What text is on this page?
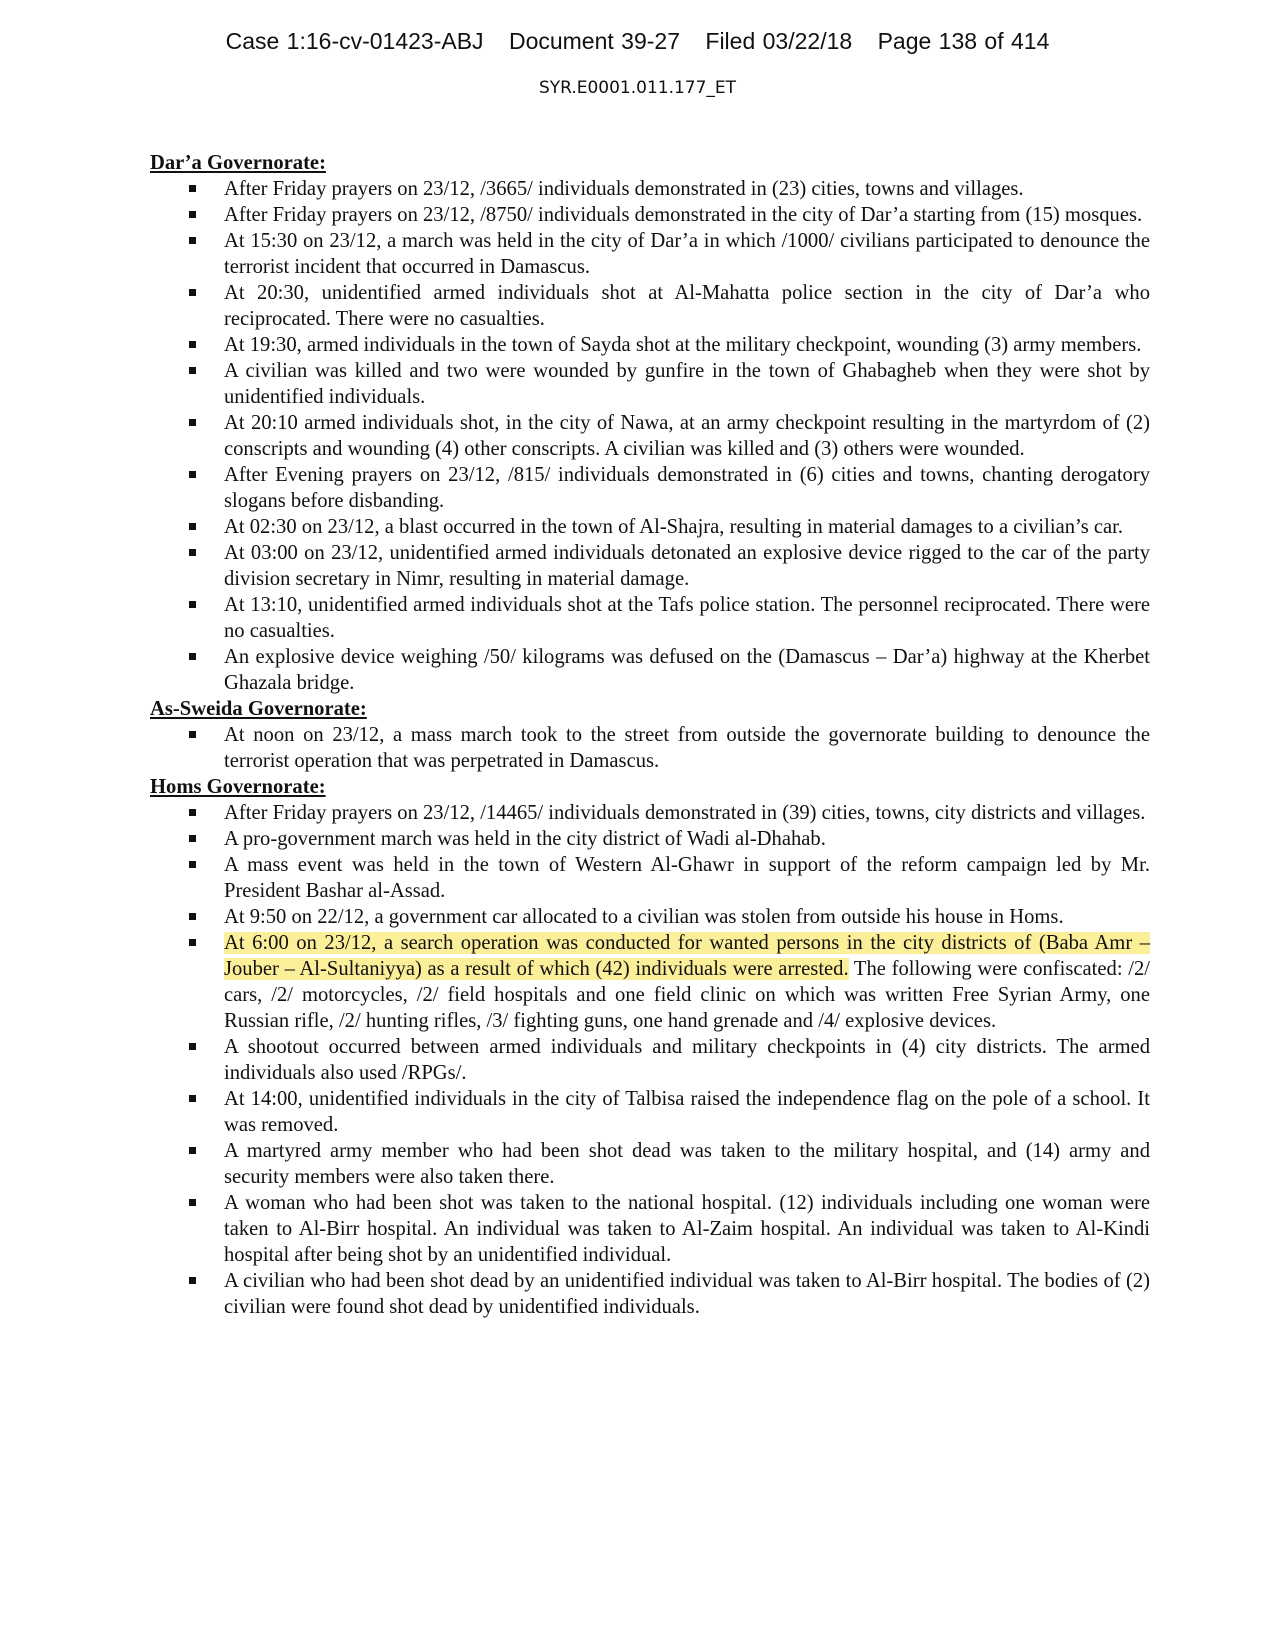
Case 1:16-cv-01423-ABJ Document 39-27 Filed 03/22/18 Page 138 of 414
SYR.E0001.011.177_ET
Dar’a Governorate:
After Friday prayers on 23/12, /3665/ individuals demonstrated in (23) cities, towns and villages.
After Friday prayers on 23/12, /8750/ individuals demonstrated in the city of Dar’a starting from (15) mosques.
At 15:30 on 23/12, a march was held in the city of Dar’a in which /1000/ civilians participated to denounce the terrorist incident that occurred in Damascus.
At 20:30, unidentified armed individuals shot at Al-Mahatta police section in the city of Dar’a who reciprocated. There were no casualties.
At 19:30, armed individuals in the town of Sayda shot at the military checkpoint, wounding (3) army members.
A civilian was killed and two were wounded by gunfire in the town of Ghabagheb when they were shot by unidentified individuals.
At 20:10 armed individuals shot, in the city of Nawa, at an army checkpoint resulting in the martyrdom of (2) conscripts and wounding (4) other conscripts. A civilian was killed and (3) others were wounded.
After Evening prayers on 23/12, /815/ individuals demonstrated in (6) cities and towns, chanting derogatory slogans before disbanding.
At 02:30 on 23/12, a blast occurred in the town of Al-Shajra, resulting in material damages to a civilian’s car.
At 03:00 on 23/12, unidentified armed individuals detonated an explosive device rigged to the car of the party division secretary in Nimr, resulting in material damage.
At 13:10, unidentified armed individuals shot at the Tafs police station. The personnel reciprocated. There were no casualties.
An explosive device weighing /50/ kilograms was defused on the (Damascus – Dar’a) highway at the Kherbet Ghazala bridge.
As-Sweida Governorate:
At noon on 23/12, a mass march took to the street from outside the governorate building to denounce the terrorist operation that was perpetrated in Damascus.
Homs Governorate:
After Friday prayers on 23/12, /14465/ individuals demonstrated in (39) cities, towns, city districts and villages.
A pro-government march was held in the city district of Wadi al-Dhahab.
A mass event was held in the town of Western Al-Ghawr in support of the reform campaign led by Mr. President Bashar al-Assad.
At 9:50 on 22/12, a government car allocated to a civilian was stolen from outside his house in Homs.
At 6:00 on 23/12, a search operation was conducted for wanted persons in the city districts of (Baba Amr – Jouber – Al-Sultaniyya) as a result of which (42) individuals were arrested. The following were confiscated: /2/ cars, /2/ motorcycles, /2/ field hospitals and one field clinic on which was written Free Syrian Army, one Russian rifle, /2/ hunting rifles, /3/ fighting guns, one hand grenade and /4/ explosive devices.
A shootout occurred between armed individuals and military checkpoints in (4) city districts. The armed individuals also used /RPGs/.
At 14:00, unidentified individuals in the city of Talbisa raised the independence flag on the pole of a school. It was removed.
A martyred army member who had been shot dead was taken to the military hospital, and (14) army and security members were also taken there.
A woman who had been shot was taken to the national hospital. (12) individuals including one woman were taken to Al-Birr hospital. An individual was taken to Al-Zaim hospital. An individual was taken to Al-Kindi hospital after being shot by an unidentified individual.
A civilian who had been shot dead by an unidentified individual was taken to Al-Birr hospital. The bodies of (2) civilian were found shot dead by unidentified individuals.
